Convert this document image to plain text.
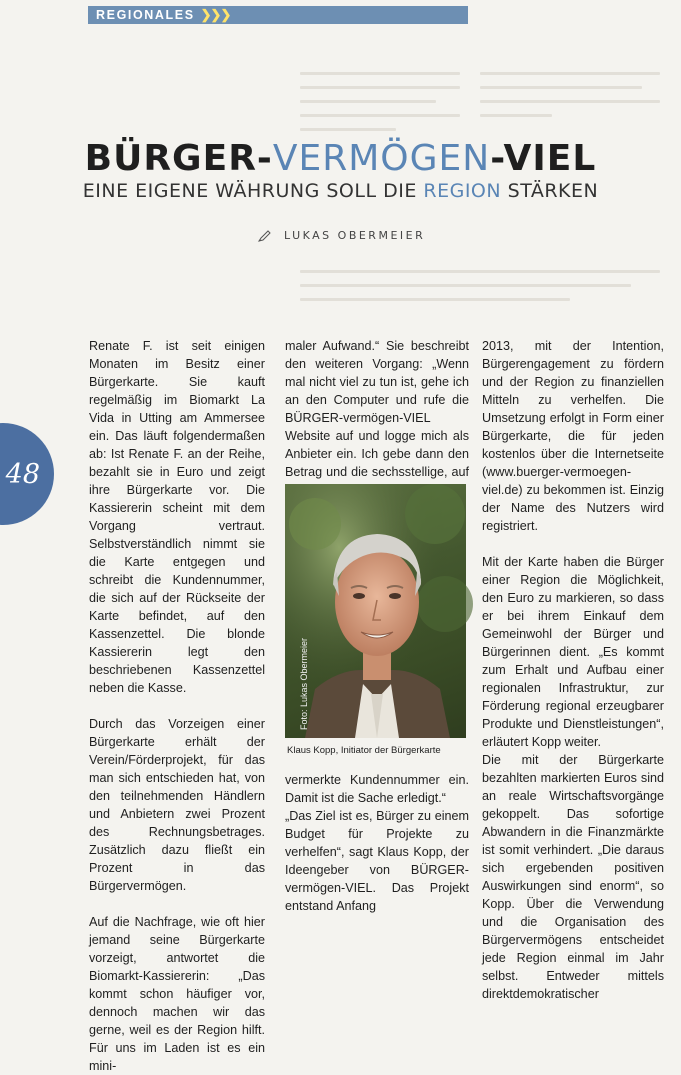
REGIONALES ❯❯❯
BÜRGER-VERMÖGEN-VIEL
EINE EIGENE WÄHRUNG SOLL DIE REGION STÄRKEN
LUKAS OBERMEIER
48

Renate F. ist seit einigen Monaten im Besitz einer Bürgerkarte. Sie kauft regelmäßig im Biomarkt La Vida in Utting am Ammersee ein. Das läuft folgendermaßen ab: Ist Renate F. an der Reihe, bezahlt sie in Euro und zeigt ihre Bürgerkarte vor. Die Kassiererin scheint mit dem Vorgang vertraut. Selbstverständlich nimmt sie die Karte entgegen und schreibt die Kundennummer, die sich auf der Rückseite der Karte befindet, auf den Kassenzettel. Die blonde Kassiererin legt den beschriebenen Kassenzettel neben die Kasse.

Durch das Vorzeigen einer Bürgerkarte erhält der Verein/Förderprojekt, für das man sich entschieden hat, von den teilnehmenden Händlern und Anbietern zwei Prozent des Rechnungsbetrages. Zusätzlich dazu fließt ein Prozent in das Bürgervermögen.

Auf die Nachfrage, wie oft hier jemand seine Bürgerkarte vorzeigt, antwortet die Biomarkt-Kassiererin: „Das kommt schon häufiger vor, dennoch machen wir das gerne, weil es der Region hilft. Für uns im Laden ist es ein mini-

maler Aufwand.“ Sie beschreibt den weiteren Vorgang: „Wenn mal nicht viel zu tun ist, gehe ich an den Computer und rufe die BÜRGER-vermögen-VIEL Website auf und logge mich als Anbieter ein. Ich gebe dann den Betrag und die sechsstellige, auf

Foto: Lukas Obermeier
Klaus Kopp, Initiator der Bürgerkarte

vermerkte Kundennummer ein. Damit ist die Sache erledigt.“

„Das Ziel ist es, Bürger zu einem Budget für Projekte zu verhelfen“, sagt Klaus Kopp, der Ideengeber von BÜRGER-vermögen-VIEL. Das Projekt entstand Anfang

2013, mit der Intention, Bürgerengagement zu fördern und der Region zu finanziellen Mitteln zu verhelfen. Die Umsetzung erfolgt in Form einer Bürgerkarte, die für jeden kostenlos über die Internetseite (www.buerger-vermoegen-viel.de) zu bekommen ist. Einzig der Name des Nutzers wird registriert.

Mit der Karte haben die Bürger einer Region die Möglichkeit, den Euro zu markieren, so dass er bei ihrem Einkauf dem Gemeinwohl der Bürger und Bürgerinnen dient. „Es kommt zum Erhalt und Aufbau einer regionalen Infrastruktur, zur Förderung regional erzeugbarer Produkte und Dienstleistungen“, erläutert Kopp weiter.

Die mit der Bürgerkarte bezahlten markierten Euros sind an reale Wirtschaftsvorgänge gekoppelt. Das sofortige Abwandern in die Finanzmärkte ist somit verhindert. „Die daraus sich ergebenden positiven Auswirkungen sind enorm“, so Kopp. Über die Verwendung und die Organisation des Bürgervermögens entscheidet jede Region einmal im Jahr selbst. Entweder mittels direktdemokratischer
